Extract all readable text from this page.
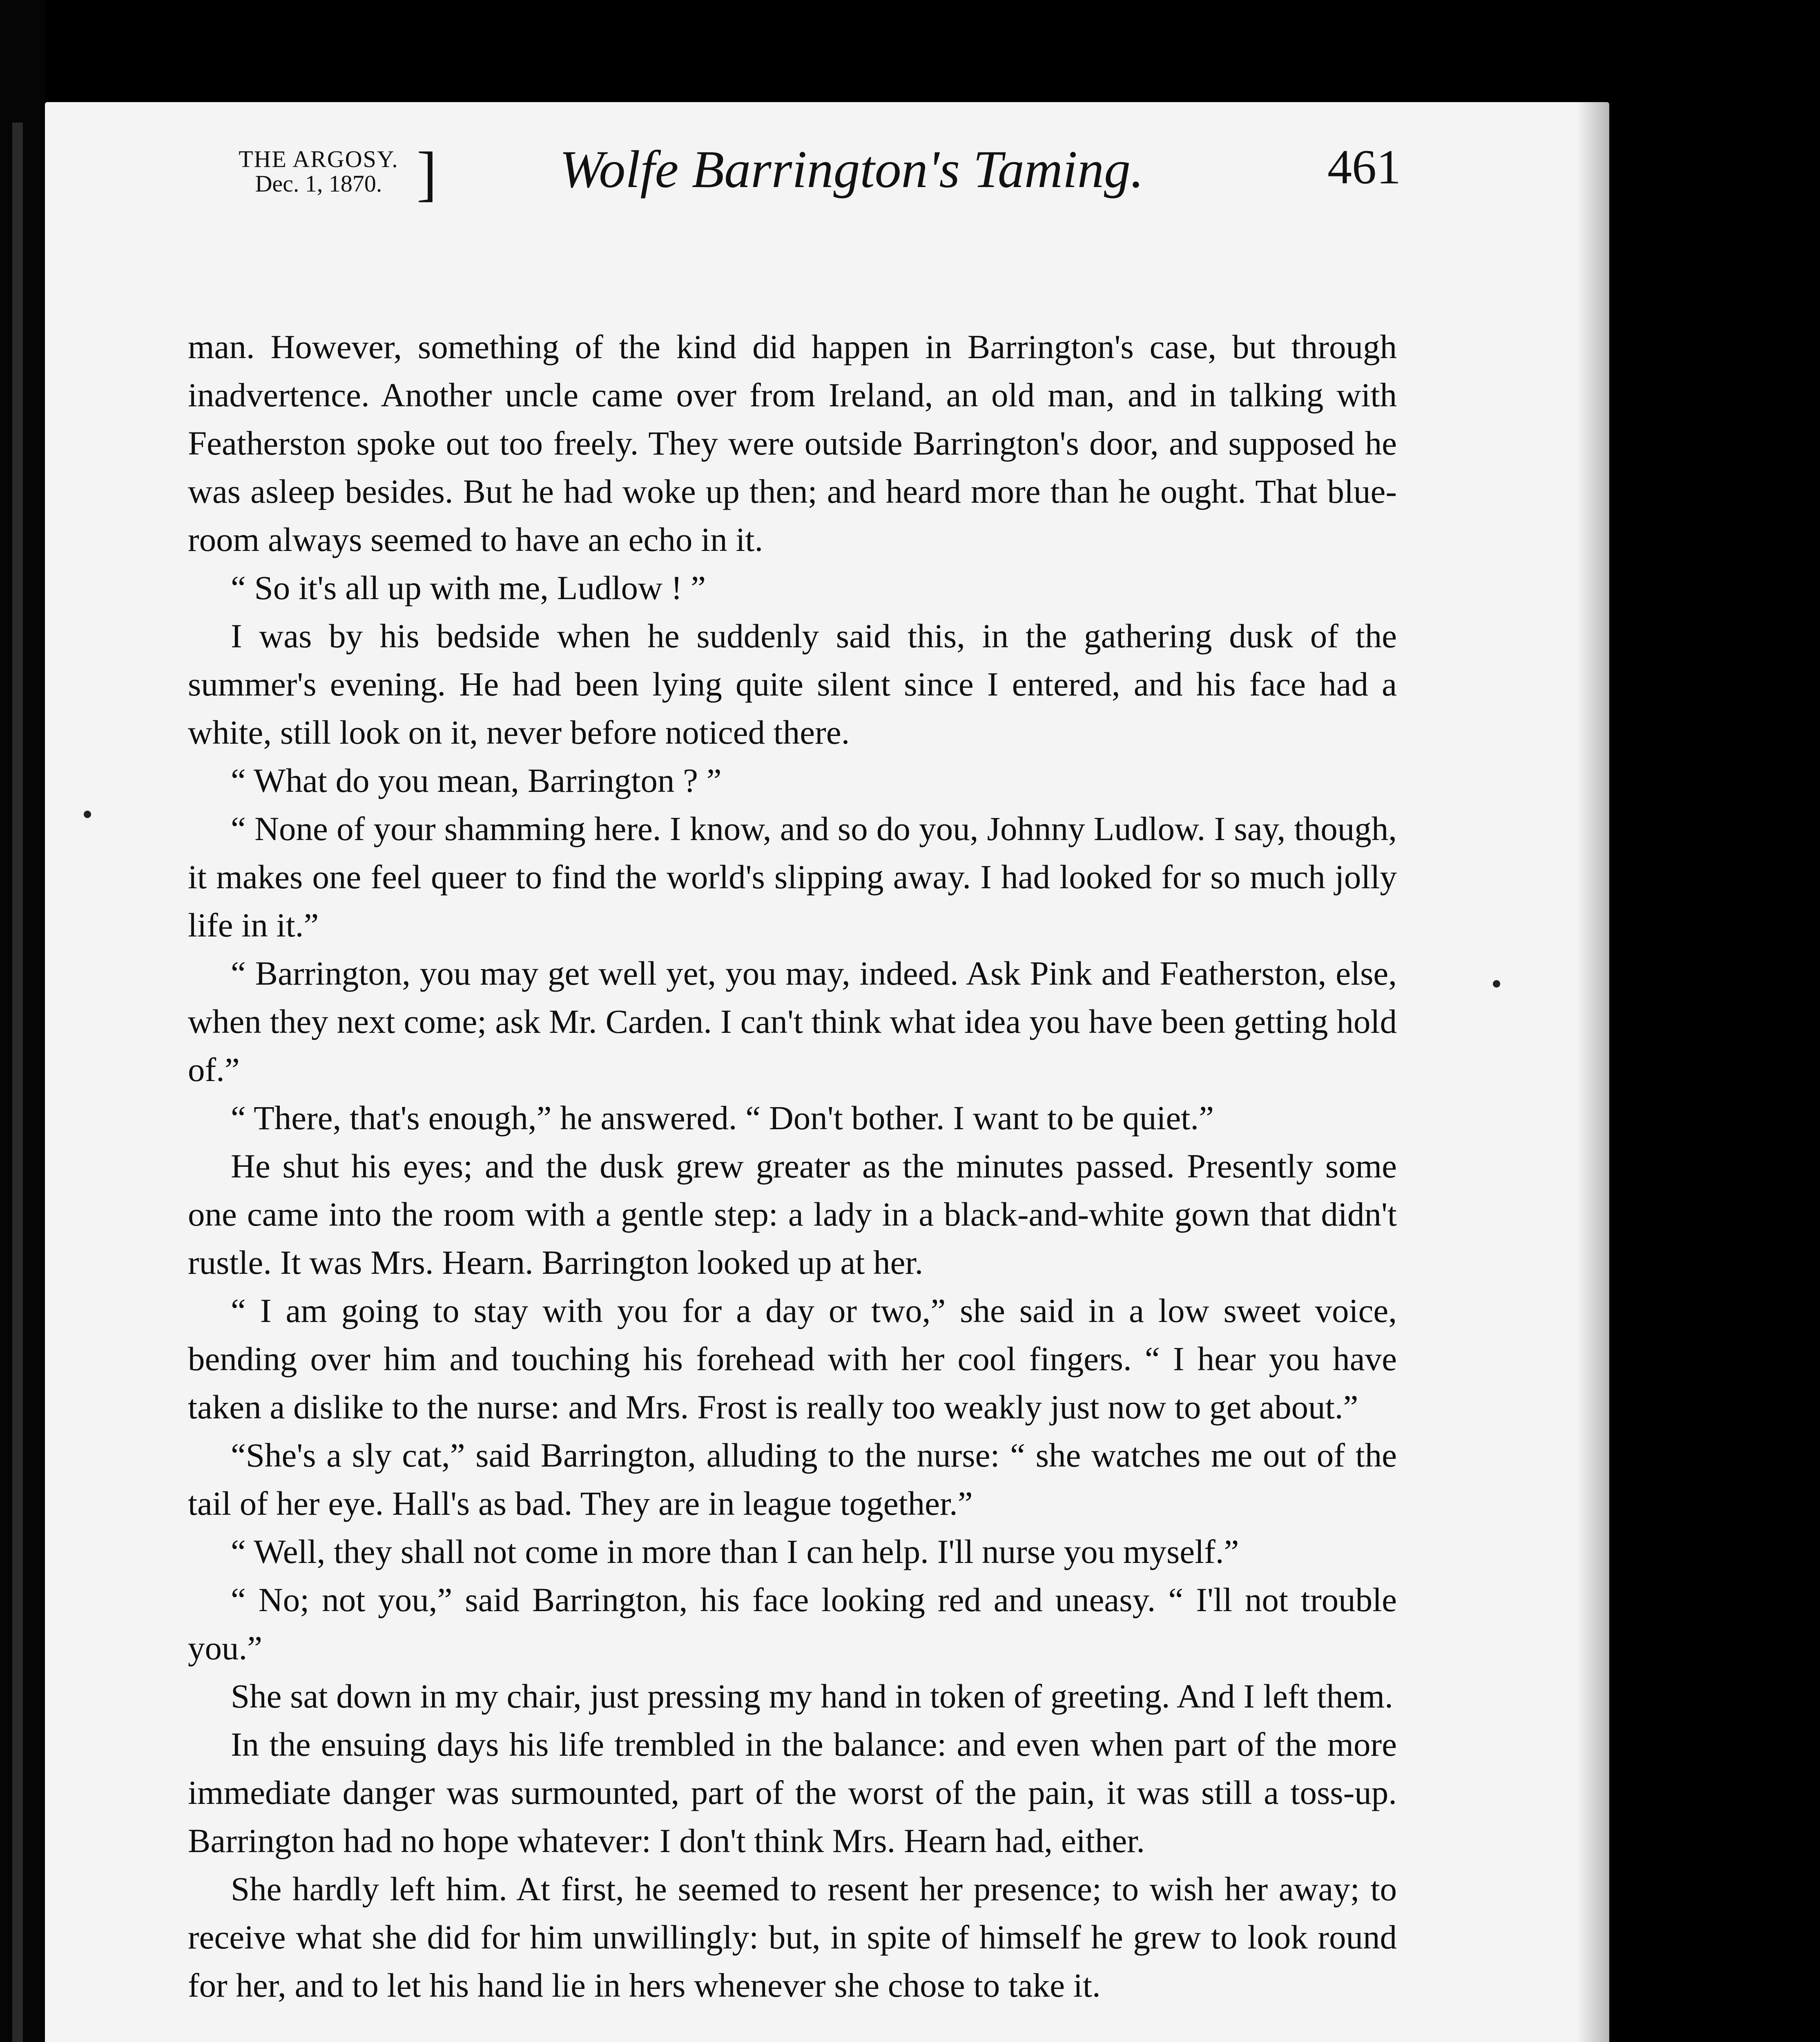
THE ARGOSY.
Dec. 1, 1870. ] Wolfe Barrington's Taming.	461

man. However, something of the kind did happen in Barrington's case, but through inadvertence. Another uncle came over from Ireland, an old man, and in talking with Featherston spoke out too freely. They were outside Barrington's door, and supposed he was asleep besides. But he had woke up then; and heard more than he ought. That blue-room always seemed to have an echo in it.

“ So it's all up with me, Ludlow ! ”

I was by his bedside when he suddenly said this, in the gathering dusk of the summer's evening. He had been lying quite silent since I entered, and his face had a white, still look on it, never before noticed there.

“ What do you mean, Barrington ? ”

“ None of your shamming here. I know, and so do you, Johnny Ludlow. I say, though, it makes one feel queer to find the world's slipping away. I had looked for so much jolly life in it.”

“ Barrington, you may get well yet, you may, indeed. Ask Pink and Featherston, else, when they next come; ask Mr. Carden. I can't think what idea you have been getting hold of.”

“ There, that's enough,” he answered. “ Don't bother. I want to be quiet.”

He shut his eyes; and the dusk grew greater as the minutes passed. Presently some one came into the room with a gentle step: a lady in a black-and-white gown that didn't rustle. It was Mrs. Hearn. Barrington looked up at her.

“ I am going to stay with you for a day or two,” she said in a low sweet voice, bending over him and touching his forehead with her cool fingers. “ I hear you have taken a dislike to the nurse: and Mrs. Frost is really too weakly just now to get about.”

“She's a sly cat,” said Barrington, alluding to the nurse: “ she watches me out of the tail of her eye. Hall's as bad. They are in league together.”

“ Well, they shall not come in more than I can help. I'll nurse you myself.”

“ No; not you,” said Barrington, his face looking red and uneasy. “ I'll not trouble you.”

She sat down in my chair, just pressing my hand in token of greeting. And I left them.

In the ensuing days his life trembled in the balance: and even when part of the more immediate danger was surmounted, part of the worst of the pain, it was still a toss-up. Barrington had no hope whatever: I don't think Mrs. Hearn had, either.

She hardly left him. At first, he seemed to resent her presence; to wish her away; to receive what she did for him unwillingly: but, in spite of himself he grew to look round for her, and to let his hand lie in hers whenever she chose to take it.
